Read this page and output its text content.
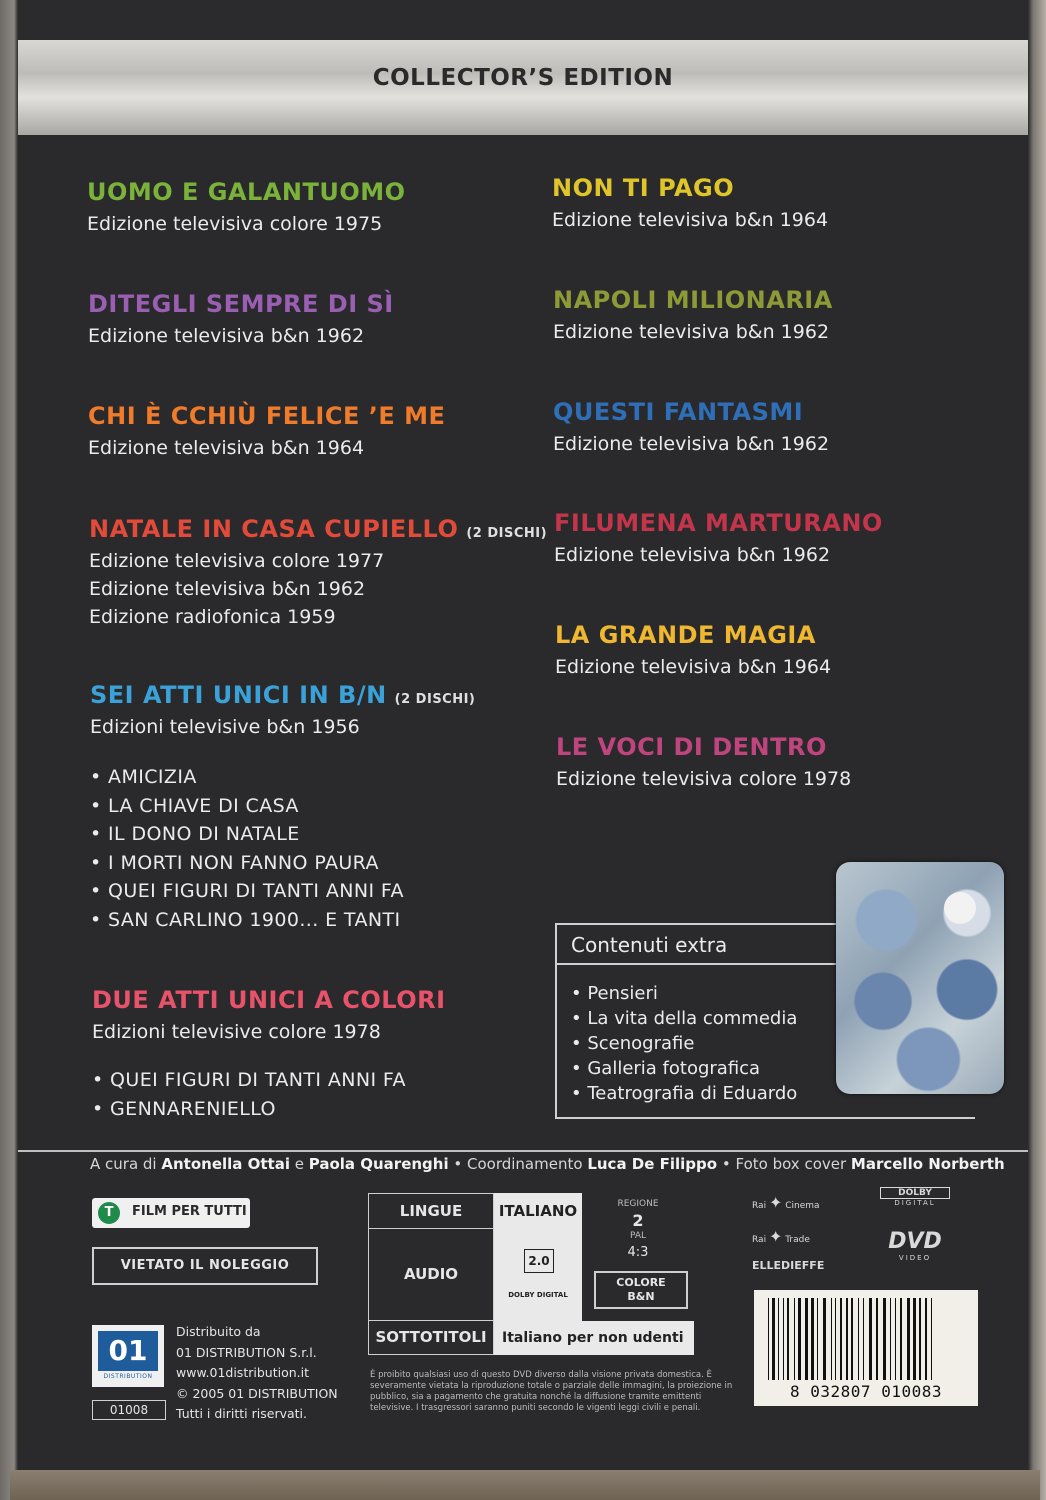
COLLECTOR’S EDITION
UOMO E GALANTUOMO
Edizione televisiva colore 1975
DITEGLI SEMPRE DI SÌ
Edizione televisiva b&n 1962
CHI È CCHIÙ FELICE ’E ME
Edizione televisiva b&n 1964
NATALE IN CASA CUPIELLO (2 DISCHI)
Edizione televisiva colore 1977
Edizione televisiva b&n 1962
Edizione radiofonica 1959
SEI ATTI UNICI IN B/N (2 DISCHI)
Edizioni televisive b&n 1956
• AMICIZIA
• LA CHIAVE DI CASA
• IL DONO DI NATALE
• I MORTI NON FANNO PAURA
• QUEI FIGURI DI TANTI ANNI FA
• SAN CARLINO 1900... E TANTI
DUE ATTI UNICI A COLORI
Edizioni televisive colore 1978
• QUEI FIGURI DI TANTI ANNI FA
• GENNARENIELLO
NON TI PAGO
Edizione televisiva b&n 1964
NAPOLI MILIONARIA
Edizione televisiva b&n 1962
QUESTI FANTASMI
Edizione televisiva b&n 1962
FILUMENA MARTURANO
Edizione televisiva b&n 1962
LA GRANDE MAGIA
Edizione televisiva b&n 1964
LE VOCI DI DENTRO
Edizione televisiva colore 1978
Contenuti extra
• Pensieri
• La vita della commedia
• Scenografie
• Galleria fotografica
• Teatrografia di Eduardo
A cura di Antonella Ottai e Paola Quarenghi • Coordinamento Luca De Filippo • Foto box cover Marcello Norberth
T	FILM PER TUTTI
VIETATO IL NOLEGGIO
01
DISTRIBUTION
01008
Distribuito da
01 DISTRIBUTION S.r.l.
www.01distribution.it
© 2005 01 DISTRIBUTION
Tutti i diritti riservati.
LINGUE	ITALIANO
AUDIO
2.0
DOLBY DIGITAL
REGIONE
2
PAL
4:3
COLORE
B&N
SOTTOTITOLI	Italiano per non udenti
È proibito qualsiasi uso di questo DVD diverso dalla visione privata domestica. È severamente vietata la riproduzione totale o parziale delle immagini, la proiezione in pubblico, sia a pagamento che gratuita nonché la diffusione tramite emittenti televisive. I trasgressori saranno puniti secondo le vigenti leggi civili e penali.
Rai ✦ Cinema
Rai ✦ Trade
ELLEDIEFFE
DOLBY
DIGITAL
DVD
VIDEO
8 032807 010083
